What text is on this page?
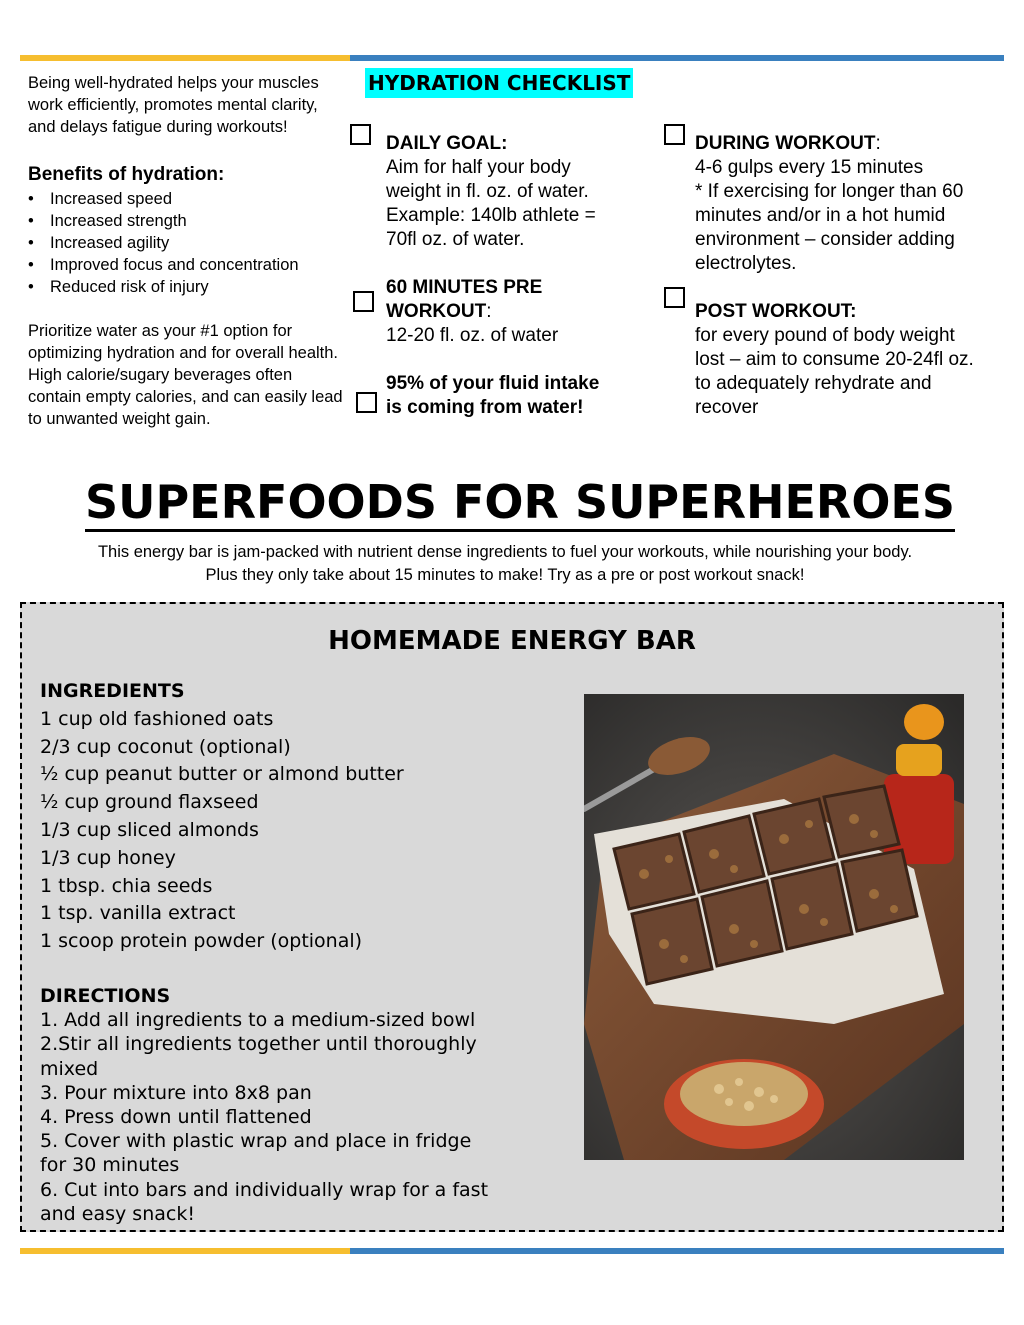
Being well-hydrated helps your muscles work efficiently, promotes mental clarity, and delays fatigue during workouts!

Benefits of hydration:

• Increased speed
• Increased strength
• Increased agility
• Improved focus and concentration
• Reduced risk of injury

Prioritize water as your #1 option for optimizing hydration and for overall health. High calorie/sugary beverages often contain empty calories, and can easily lead to unwanted weight gain.

HYDRATION CHECKLIST
DAILY GOAL:
Aim for half your body weight in fl. oz. of water. Example: 140lb athlete = 70fl oz. of water.
60 MINUTES PRE
WORKOUT:
12-20 fl. oz. of water
95% of your fluid intake is coming from water!
DURING WORKOUT:
4-6 gulps every 15 minutes
* If exercising for longer than 60 minutes and/or in a hot humid environment – consider adding electrolytes.
POST WORKOUT:
for every pound of body weight lost – aim to consume 20-24fl oz. to adequately rehydrate and recover
SUPERFOODS FOR SUPERHEROES
This energy bar is jam-packed with nutrient dense ingredients to fuel your workouts, while nourishing your body. Plus they only take about 15 minutes to make! Try as a pre or post workout snack!
HOMEMADE ENERGY BAR
INGREDIENTS
1 cup old fashioned oats
2/3 cup coconut (optional)
½ cup peanut butter or almond butter
½ cup ground flaxseed
1/3 cup sliced almonds
1/3 cup honey
1 tbsp. chia seeds
1 tsp. vanilla extract
1 scoop protein powder (optional)
DIRECTIONS
1. Add all ingredients to a medium-sized bowl
2.Stir all ingredients together until thoroughly mixed
3. Pour mixture into 8x8 pan
4. Press down until flattened
5. Cover with plastic wrap and place in fridge for 30 minutes
6. Cut into bars and individually wrap for a fast and easy snack!
